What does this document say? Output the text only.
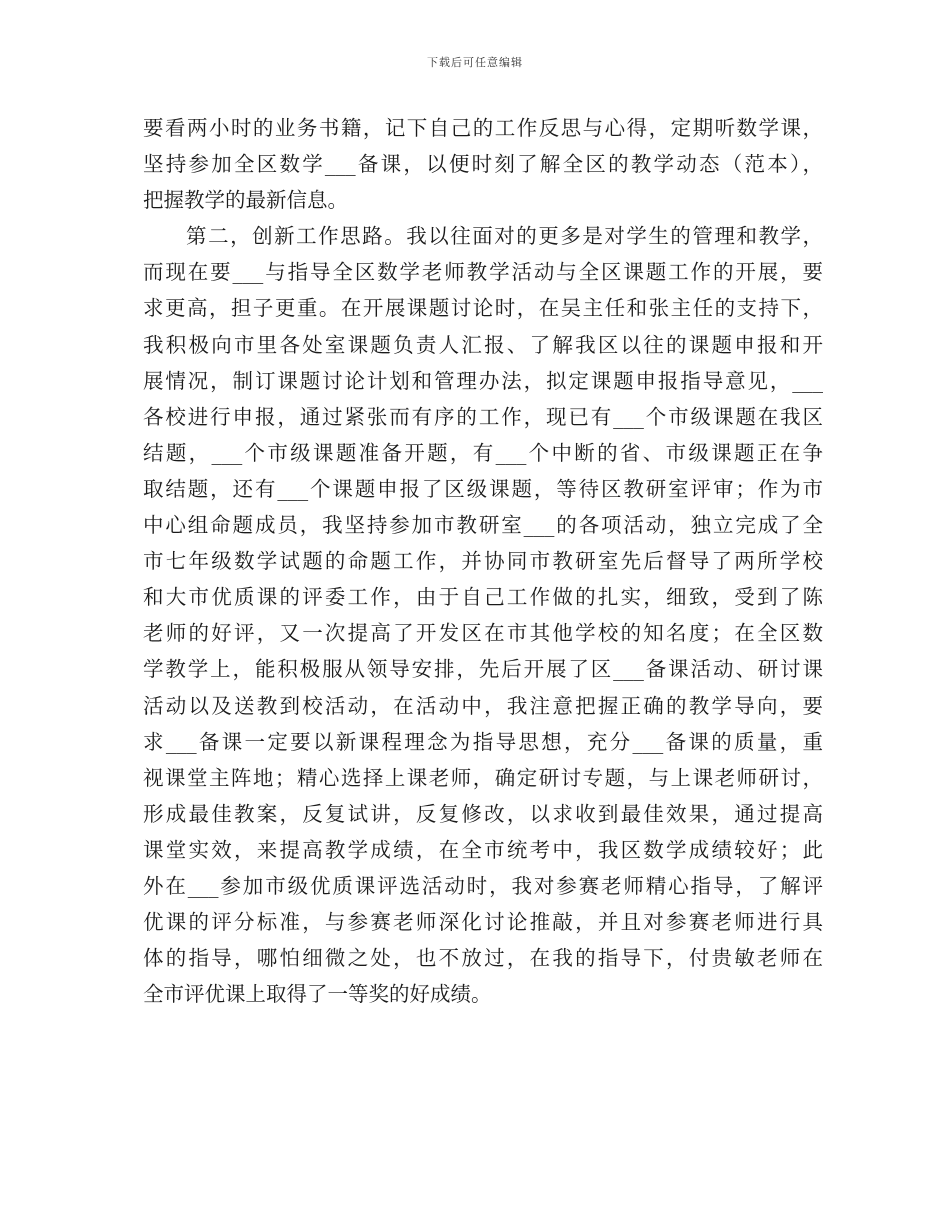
下载后可任意编辑
要看两小时的业务书籍，记下自己的工作反思与心得，定期听数学课，
坚持参加全区数学___备课，以便时刻了解全区的教学动态（范本），
把握教学的最新信息。
第二，创新工作思路。我以往面对的更多是对学生的管理和教学，
而现在要___与指导全区数学老师教学活动与全区课题工作的开展，要
求更高，担子更重。在开展课题讨论时，在吴主任和张主任的支持下，
我积极向市里各处室课题负责人汇报、了解我区以往的课题申报和开
展情况，制订课题讨论计划和管理办法，拟定课题申报指导意见，___
各校进行申报，通过紧张而有序的工作，现已有___个市级课题在我区
结题，___个市级课题准备开题，有___个中断的省、市级课题正在争
取结题，还有___个课题申报了区级课题，等待区教研室评审；作为市
中心组命题成员，我坚持参加市教研室___的各项活动，独立完成了全
市七年级数学试题的命题工作，并协同市教研室先后督导了两所学校
和大市优质课的评委工作，由于自己工作做的扎实，细致，受到了陈
老师的好评，又一次提高了开发区在市其他学校的知名度；在全区数
学教学上，能积极服从领导安排，先后开展了区___备课活动、研讨课
活动以及送教到校活动，在活动中，我注意把握正确的教学导向，要
求___备课一定要以新课程理念为指导思想，充分___备课的质量，重
视课堂主阵地；精心选择上课老师，确定研讨专题，与上课老师研讨，
形成最佳教案，反复试讲，反复修改，以求收到最佳效果，通过提高
课堂实效，来提高教学成绩，在全市统考中，我区数学成绩较好；此
外在___参加市级优质课评选活动时，我对参赛老师精心指导，了解评
优课的评分标准，与参赛老师深化讨论推敲，并且对参赛老师进行具
体的指导，哪怕细微之处，也不放过，在我的指导下，付贵敏老师在
全市评优课上取得了一等奖的好成绩。
